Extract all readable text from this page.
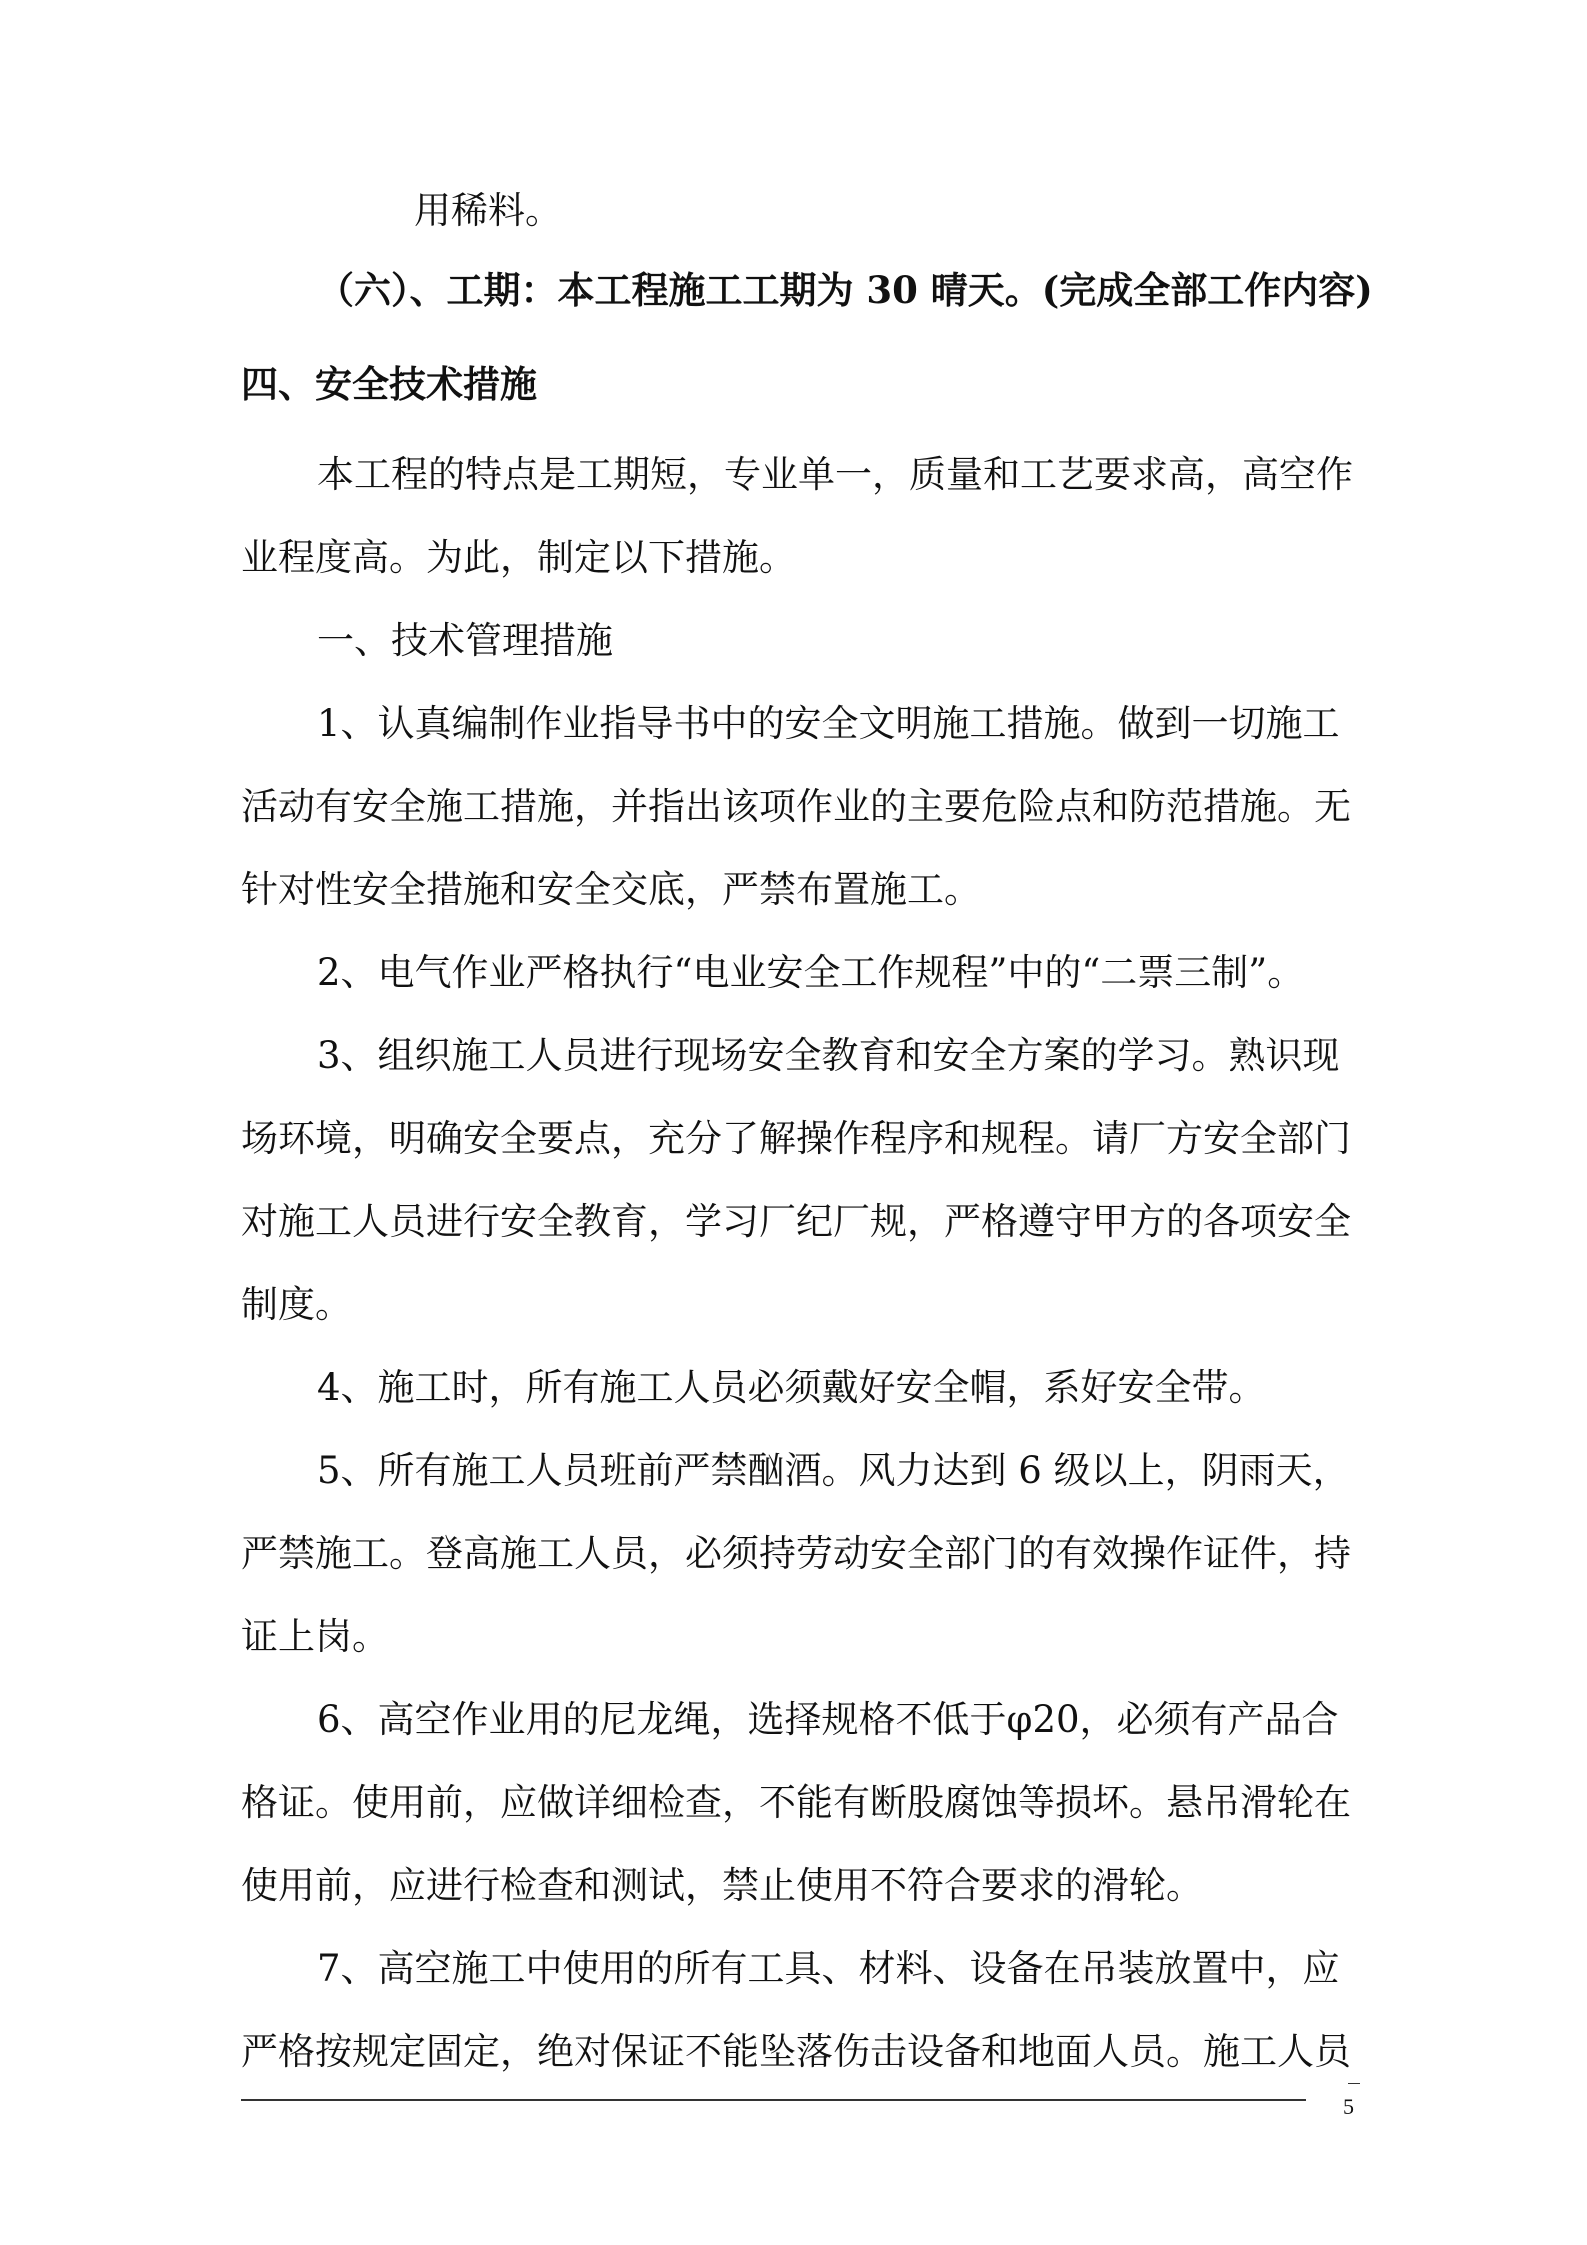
用稀料。
（六）、工期：本工程施工工期为 30 晴天。(完成全部工作内容)
四、安全技术措施
本工程的特点是工期短，专业单一，质量和工艺要求高，高空作
业程度高。为此，制定以下措施。
一、技术管理措施
1、认真编制作业指导书中的安全文明施工措施。做到一切施工
活动有安全施工措施，并指出该项作业的主要危险点和防范措施。无
针对性安全措施和安全交底，严禁布置施工。
2、电气作业严格执行“电业安全工作规程”中的“二票三制”。
3、组织施工人员进行现场安全教育和安全方案的学习。熟识现
场环境，明确安全要点，充分了解操作程序和规程。请厂方安全部门
对施工人员进行安全教育，学习厂纪厂规，严格遵守甲方的各项安全
制度。
4、施工时，所有施工人员必须戴好安全帽，系好安全带。
5、所有施工人员班前严禁酗酒。风力达到 6 级以上，阴雨天，
严禁施工。登高施工人员，必须持劳动安全部门的有效操作证件，持
证上岗。
6、高空作业用的尼龙绳，选择规格不低于φ20，必须有产品合
格证。使用前，应做详细检查，不能有断股腐蚀等损坏。悬吊滑轮在
使用前，应进行检查和测试，禁止使用不符合要求的滑轮。
7、高空施工中使用的所有工具、材料、设备在吊装放置中，应
严格按规定固定，绝对保证不能坠落伤击设备和地面人员。施工人员
5
